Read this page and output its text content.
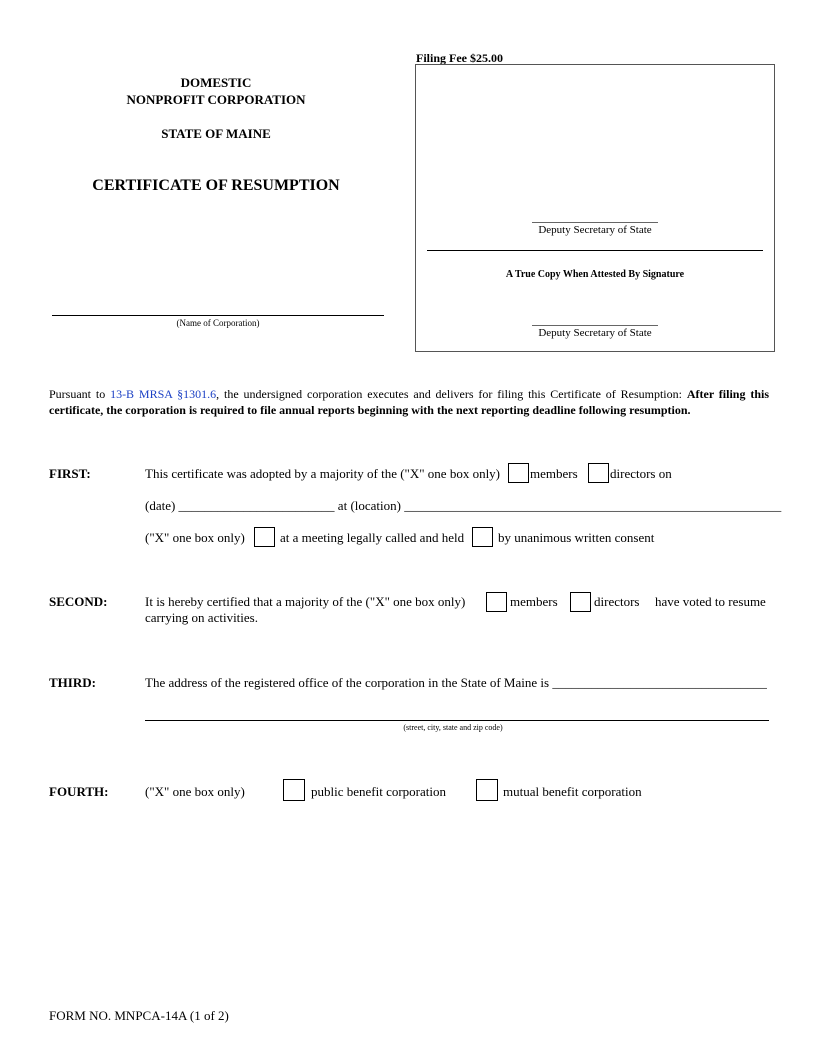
DOMESTIC
NONPROFIT CORPORATION
STATE OF MAINE
CERTIFICATE OF RESUMPTION
(Name of Corporation)
Filing Fee $25.00
Deputy Secretary of State
A True Copy When Attested By Signature
Deputy Secretary of State
Pursuant to 13-B MRSA §1301.6, the undersigned corporation executes and delivers for filing this Certificate of Resumption: After filing this certificate, the corporation is required to file annual reports beginning with the next reporting deadline following resumption.
FIRST:	This certificate was adopted by a majority of the ("X" one box only) members directors on
(date) ________________________ at (location) __________________________________________________________
("X" one box only)	at a meeting legally called and held	by unanimous written consent
SECOND:	It is hereby certified that a majority of the ("X" one box only)	members	directors have voted to resume
carrying on activities.
THIRD:	The address of the registered office of the corporation in the State of Maine is _________________________________
(street, city, state and zip code)
FOURTH:	("X" one box only)	public benefit corporation	mutual benefit corporation
FORM NO. MNPCA-14A (1 of 2)
